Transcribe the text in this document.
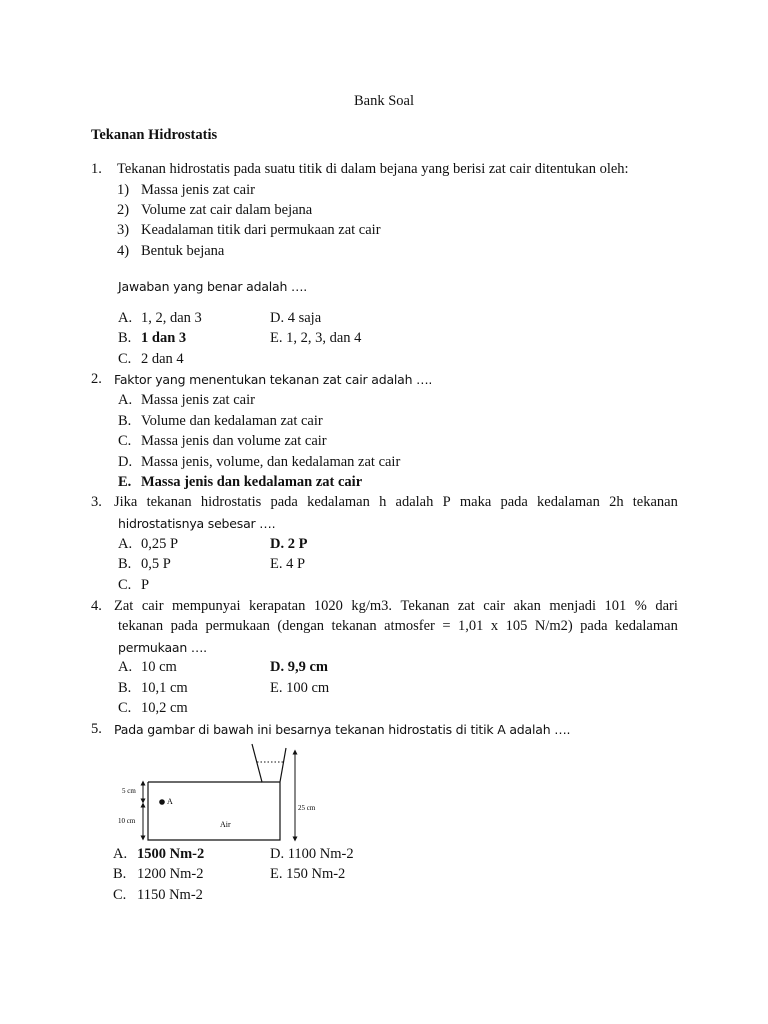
Bank Soal
Tekanan Hidrostatis
1. Tekanan hidrostatis pada suatu titik di dalam bejana yang berisi zat cair ditentukan oleh:
1) Massa jenis zat cair
2) Volume zat cair dalam bejana
3) Keadalaman titik dari permukaan zat cair
4) Bentuk bejana
Jawaban yang benar adalah ….
A. 1, 2, dan 3
B. 1 dan 3
C. 2 dan 4
D. 4 saja
E. 1, 2, 3, dan 4
2. Faktor yang menentukan tekanan zat cair adalah ….
A. Massa jenis zat cair
B. Volume dan kedalaman zat cair
C. Massa jenis dan volume zat cair
D. Massa jenis, volume, dan kedalaman zat cair
E. Massa jenis dan kedalaman zat cair
3. Jika tekanan hidrostatis pada kedalaman h adalah P maka pada kedalaman 2h tekanan
hidrostatisnya sebesar ….
A. 0,25 P
B. 0,5 P
C. P
D. 2 P
E. 4 P
4. Zat cair mempunyai kerapatan 1020 kg/m3. Tekanan zat cair akan menjadi 101 % dari
tekanan pada permukaan (dengan tekanan atmosfer = 1,01 x 105 N/m2) pada kedalaman
permukaan ….
A. 10 cm
B. 10,1 cm
C. 10,2 cm
D. 9,9 cm
E. 100 cm
5. Pada gambar di bawah ini besarnya tekanan hidrostatis di titik A adalah ….
5 cm
10 cm
25 cm
A
Air
A. 1500 Nm-2
B. 1200 Nm-2
C. 1150 Nm-2
D. 1100 Nm-2
E. 150 Nm-2
